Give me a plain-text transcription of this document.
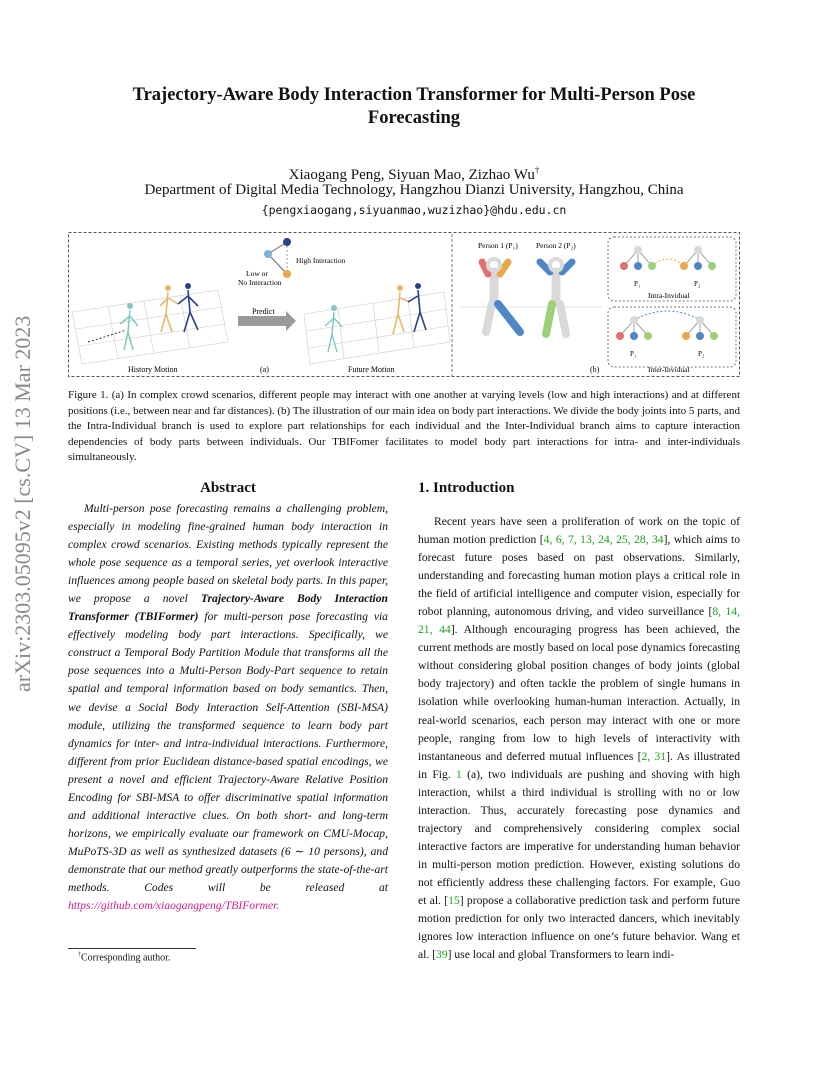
arXiv:2303.05095v2 [cs.CV] 13 Mar 2023
Trajectory-Aware Body Interaction Transformer for Multi-Person Pose
Forecasting
Xiaogang Peng, Siyuan Mao, Zizhao Wu†
Department of Digital Media Technology, Hangzhou Dianzi University, Hangzhou, China
{pengxiaogang,siyuanmao,wuzizhao}@hdu.edu.cn
High Interaction
Low or
No Interaction
Predict
History Motion	(a)	Future Motion
Person 1 (P₁) Person 2 (P₂)
(b)
P₁	P₂
Intra-Invidual
P₁	P₂
Inter-Invidual
Figure 1. (a) In complex crowd scenarios, different people may interact with one another at varying levels (low and high interactions) and at different positions (i.e., between near and far distances). (b) The illustration of our main idea on body part interactions. We divide the body joints into 5 parts, and the Intra-Individual branch is used to explore part relationships for each individual and the Inter-Individual branch aims to capture interaction dependencies of body parts between individuals. Our TBIFomer facilitates to model body part interactions for intra- and inter-individuals simultaneously.
Abstract
Multi-person pose forecasting remains a challenging problem, especially in modeling fine-grained human body interaction in complex crowd scenarios. Existing methods typically represent the whole pose sequence as a temporal series, yet overlook interactive influences among people based on skeletal body parts. In this paper, we propose a novel Trajectory-Aware Body Interaction Transformer (TBIFormer) for multi-person pose forecasting via effectively modeling body part interactions. Specifically, we construct a Temporal Body Partition Module that transforms all the pose sequences into a Multi-Person Body-Part sequence to retain spatial and temporal information based on body semantics. Then, we devise a Social Body Interaction Self-Attention (SBI-MSA) module, utilizing the transformed sequence to learn body part dynamics for inter- and intra-individual interactions. Furthermore, different from prior Euclidean distance-based spatial encodings, we present a novel and efficient Trajectory-Aware Relative Position Encoding for SBI-MSA to offer discriminative spatial information and additional interactive clues. On both short- and long-term horizons, we empirically evaluate our framework on CMU-Mocap, MuPoTS-3D as well as synthesized datasets (6 ∼ 10 persons), and demonstrate that our method greatly outperforms the state-of-the-art methods. Codes will be released at https://github.com/xiaogangpeng/TBIFormer.
1. Introduction
Recent years have seen a proliferation of work on the topic of human motion prediction [4, 6, 7, 13, 24, 25, 28, 34], which aims to forecast future poses based on past observations. Similarly, understanding and forecasting human motion plays a critical role in the field of artificial intelligence and computer vision, especially for robot planning, autonomous driving, and video surveillance [8, 14, 21, 44]. Although encouraging progress has been achieved, the current methods are mostly based on local pose dynamics forecasting without considering global position changes of body joints (global body trajectory) and often tackle the problem of single humans in isolation while overlooking human-human interaction. Actually, in real-world scenarios, each person may interact with one or more people, ranging from low to high levels of interactivity with instantaneous and deferred mutual influences [2, 31]. As illustrated in Fig. 1 (a), two individuals are pushing and shoving with high interaction, whilst a third individual is strolling with no or low interaction. Thus, accurately forecasting pose dynamics and trajectory and comprehensively considering complex social interactive factors are imperative for understanding human behavior in multi-person motion prediction. However, existing solutions do not efficiently address these challenging factors. For example, Guo et al. [15] propose a collaborative prediction task and perform future motion prediction for only two interacted dancers, which inevitably ignores low interaction influence on one’s future behavior. Wang et al. [39] use local and global Transformers to learn indi-
†Corresponding author.
